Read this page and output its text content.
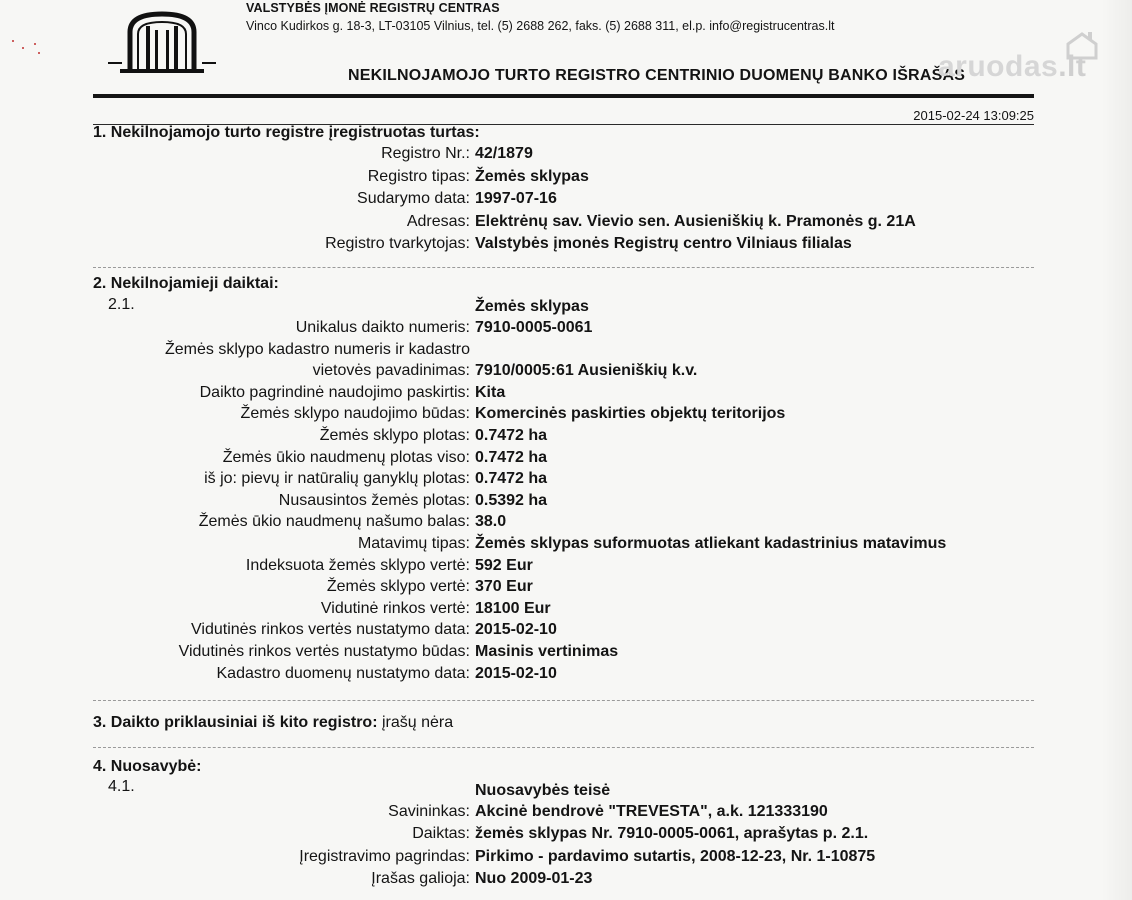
VALSTYBĖS ĮMONĖ REGISTRŲ CENTRAS
Vinco Kudirkos g. 18-3, LT-03105 Vilnius, tel. (5) 2688 262, faks. (5) 2688 311, el.p. info@registrucentras.lt
NEKILNOJAMOJO TURTO REGISTRO CENTRINIO DUOMENŲ BANKO IŠRAŠAS
aruodas.lt
2015-02-24 13:09:25
1. Nekilnojamojo turto registre įregistruotas turtas:
Registro Nr.: 42/1879
Registro tipas: Žemės sklypas
Sudarymo data: 1997-07-16
Adresas: Elektrėnų sav. Vievio sen. Ausieniškių k. Pramonės g. 21A
Registro tvarkytojas: Valstybės įmonės Registrų centro Vilniaus filialas
2. Nekilnojamieji daiktai:
2.1.	Žemės sklypas
Unikalus daikto numeris: 7910-0005-0061
Žemės sklypo kadastro numeris ir kadastro
vietovės pavadinimas: 7910/0005:61 Ausieniškių k.v.
Daikto pagrindinė naudojimo paskirtis: Kita
Žemės sklypo naudojimo būdas: Komercinės paskirties objektų teritorijos
Žemės sklypo plotas: 0.7472 ha
Žemės ūkio naudmenų plotas viso: 0.7472 ha
iš jo: pievų ir natūralių ganyklų plotas: 0.7472 ha
Nusausintos žemės plotas: 0.5392 ha
Žemės ūkio naudmenų našumo balas: 38.0
Matavimų tipas: Žemės sklypas suformuotas atliekant kadastrinius matavimus
Indeksuota žemės sklypo vertė: 592 Eur
Žemės sklypo vertė: 370 Eur
Vidutinė rinkos vertė: 18100 Eur
Vidutinės rinkos vertės nustatymo data: 2015-02-10
Vidutinės rinkos vertės nustatymo būdas: Masinis vertinimas
Kadastro duomenų nustatymo data: 2015-02-10
3. Daikto priklausiniai iš kito registro: įrašų nėra
4. Nuosavybė:
4.1.	Nuosavybės teisė
Savininkas: Akcinė bendrovė "TREVESTA", a.k. 121333190
Daiktas: žemės sklypas Nr. 7910-0005-0061, aprašytas p. 2.1.
Įregistravimo pagrindas: Pirkimo - pardavimo sutartis, 2008-12-23, Nr. 1-10875
Įrašas galioja: Nuo 2009-01-23
